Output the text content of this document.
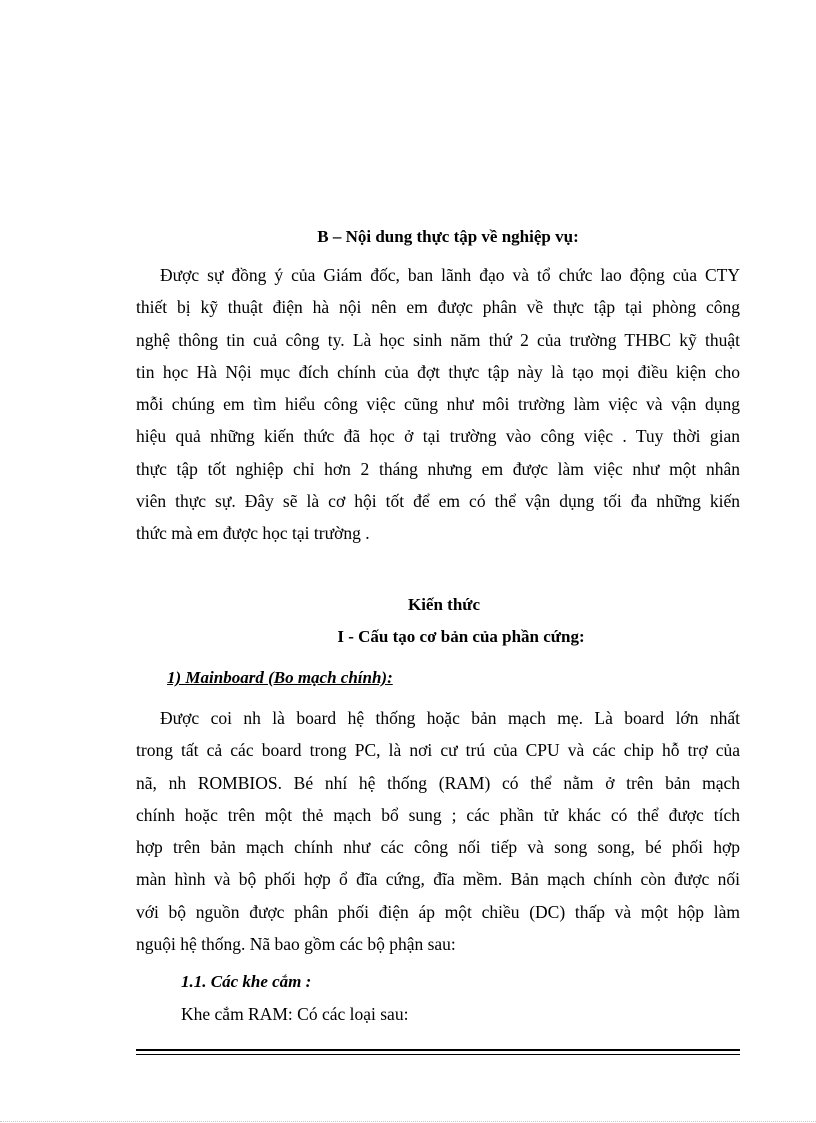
B – Nội dung thực tập về nghiệp vụ:
Được sự đồng ý của Giám đốc, ban lãnh đạo và tổ chức lao động của CTY
thiết bị kỹ thuật điện hà nội nên em được phân về thực tập tại phòng công
nghệ thông tin cuả công ty. Là học sinh năm thứ 2 của trường THBC kỹ thuật
tin học Hà Nội mục đích chính của đợt thực tập này là tạo mọi điều kiện cho
mỗi chúng em tìm hiểu công việc cũng như môi trường làm việc và vận dụng
hiệu quả những kiến thức đã học ở tại trường vào công việc . Tuy thời gian
thực tập tốt nghiệp chỉ hơn 2 tháng nhưng em được làm việc như một nhân
viên thực sự. Đây sẽ là cơ hội tốt để em có thể vận dụng tối đa những kiến
thức mà em được học tại trường .
Kiến thức
I - Cấu tạo cơ bản của phần cứng:
1) Mainboard (Bo mạch chính):
Được coi nh là board hệ thống hoặc bản mạch mẹ. Là board lớn nhất
trong tất cả các board trong PC, là nơi cư trú của CPU và các chip hỗ trợ của
nã, nh ROMBIOS. Bé nhí hệ thống (RAM) có thể nằm ở trên bản mạch
chính hoặc trên một thẻ mạch bổ sung ; các phần tử khác có thể được tích
hợp trên bản mạch chính như các công nối tiếp và song song, bé phối hợp
màn hình và bộ phối hợp ổ đĩa cứng, đĩa mềm. Bản mạch chính còn được nối
với bộ nguồn được phân phối điện áp một chiều (DC) thấp và một hộp làm
nguội hệ thống. Nã bao gồm các bộ phận sau:
1.1. Các khe cắm :
Khe cắm RAM: Có các loại sau:
